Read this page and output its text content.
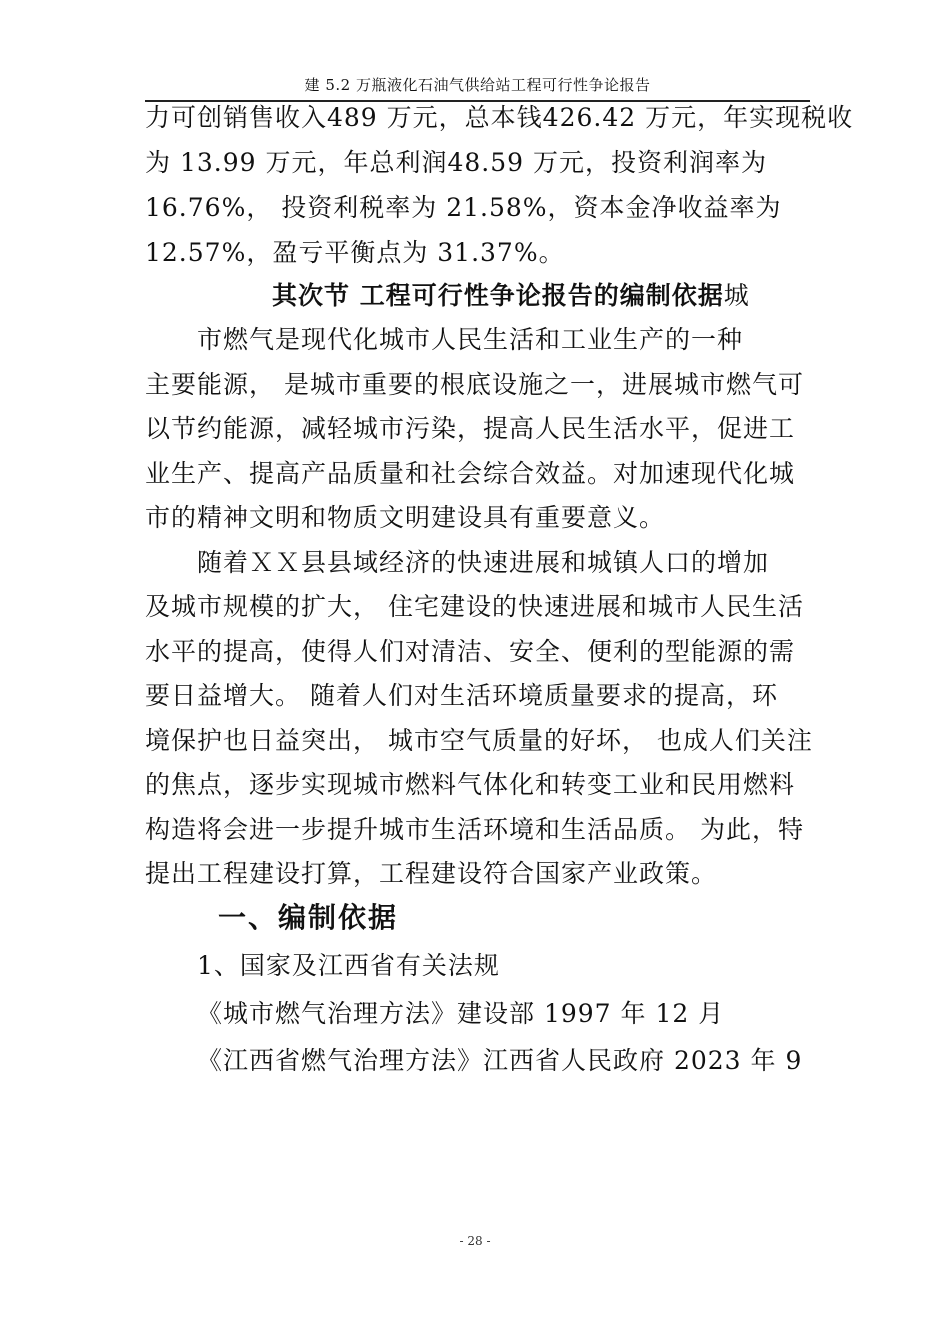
建 5.2 万瓶液化石油气供给站工程可行性争论报告
力可创销售收入489 万元，总本钱426.42 万元，年实现税收
为 13.99 万元，年总利润48.59 万元，投资利润率为
16.76%， 投资利税率为 21.58%，资本金净收益率为
12.57%，盈亏平衡点为 31.37%。
其次节 工程可行性争论报告的编制依据城
市燃气是现代化城市人民生活和工业生产的一种
主要能源， 是城市重要的根底设施之一，进展城市燃气可
以节约能源，减轻城市污染，提高人民生活水平，促进工
业生产、提高产品质量和社会综合效益。对加速现代化城
市的精神文明和物质文明建设具有重要意义。
随着ＸＸ县县域经济的快速进展和城镇人口的增加
及城市规模的扩大， 住宅建设的快速进展和城市人民生活
水平的提高，使得人们对清洁、安全、便利的型能源的需
要日益增大。 随着人们对生活环境质量要求的提高，环
境保护也日益突出， 城市空气质量的好坏， 也成人们关注
的焦点，逐步实现城市燃料气体化和转变工业和民用燃料
构造将会进一步提升城市生活环境和生活品质。 为此，特
提出工程建设打算，工程建设符合国家产业政策。
一、编制依据
1、国家及江西省有关法规
《城市燃气治理方法》建设部 1997 年 12 月
《江西省燃气治理方法》江西省人民政府 2023 年 9
- 28 -
